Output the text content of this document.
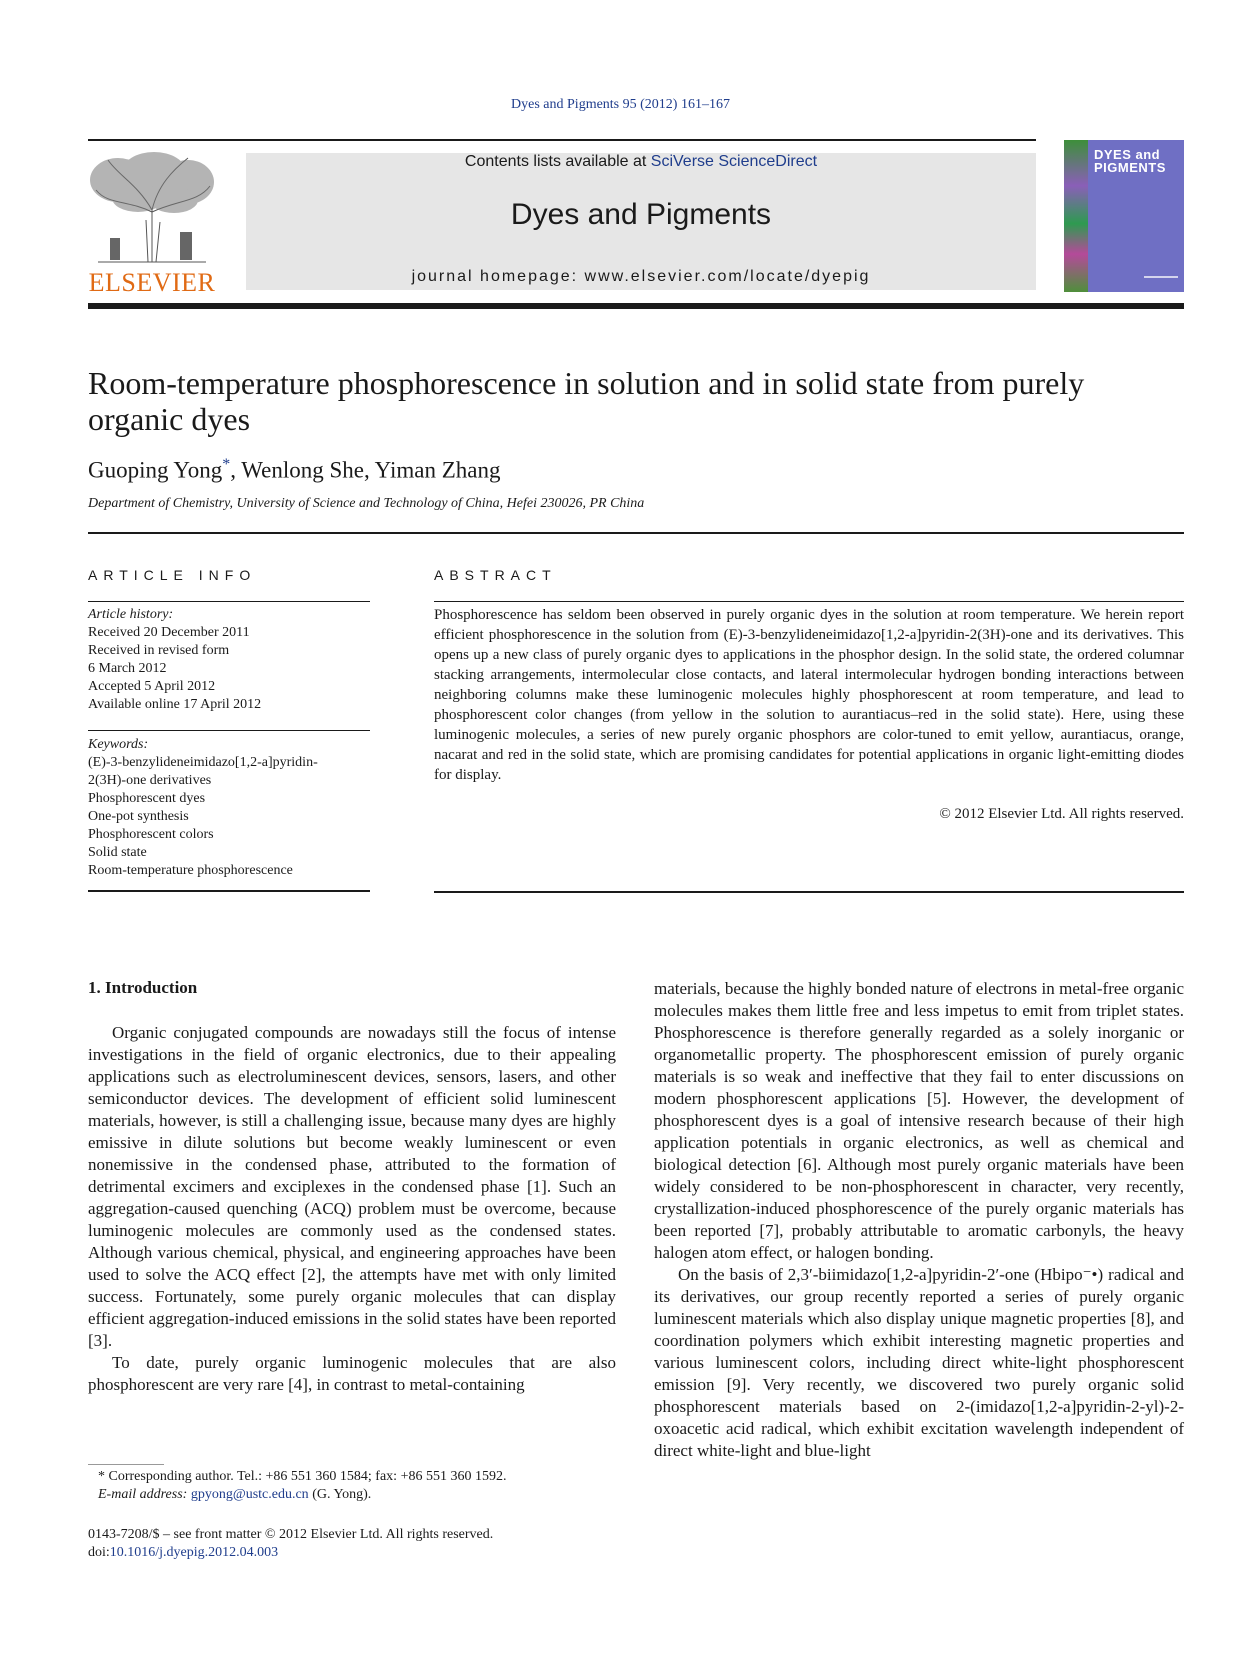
Dyes and Pigments 95 (2012) 161–167
ELSEVIER
Contents lists available at SciVerse ScienceDirect
Dyes and Pigments
journal homepage: www.elsevier.com/locate/dyepig
DYES and PIGMENTS
Room-temperature phosphorescence in solution and in solid state from purely organic dyes
Guoping Yong*, Wenlong She, Yiman Zhang
Department of Chemistry, University of Science and Technology of China, Hefei 230026, PR China
ARTICLE INFO
Article history:
Received 20 December 2011
Received in revised form
6 March 2012
Accepted 5 April 2012
Available online 17 April 2012
Keywords:
(E)-3-benzylideneimidazo[1,2-a]pyridin-
2(3H)-one derivatives
Phosphorescent dyes
One-pot synthesis
Phosphorescent colors
Solid state
Room-temperature phosphorescence
ABSTRACT
Phosphorescence has seldom been observed in purely organic dyes in the solution at room temperature. We herein report efficient phosphorescence in the solution from (E)-3-benzylideneimidazo[1,2-a]pyridin-2(3H)-one and its derivatives. This opens up a new class of purely organic dyes to applications in the phosphor design. In the solid state, the ordered columnar stacking arrangements, intermolecular close contacts, and lateral intermolecular hydrogen bonding interactions between neighboring columns make these luminogenic molecules highly phosphorescent at room temperature, and lead to phosphorescent color changes (from yellow in the solution to aurantiacus–red in the solid state). Here, using these luminogenic molecules, a series of new purely organic phosphors are color-tuned to emit yellow, aurantiacus, orange, nacarat and red in the solid state, which are promising candidates for potential applications in organic light-emitting diodes for display.
© 2012 Elsevier Ltd. All rights reserved.
1. Introduction

Organic conjugated compounds are nowadays still the focus of intense investigations in the field of organic electronics, due to their appealing applications such as electroluminescent devices, sensors, lasers, and other semiconductor devices. The development of efficient solid luminescent materials, however, is still a challenging issue, because many dyes are highly emissive in dilute solutions but become weakly luminescent or even nonemissive in the condensed phase, attributed to the formation of detrimental excimers and exciplexes in the condensed phase [1]. Such an aggregation-caused quenching (ACQ) problem must be overcome, because luminogenic molecules are commonly used as the condensed states. Although various chemical, physical, and engineering approaches have been used to solve the ACQ effect [2], the attempts have met with only limited success. Fortunately, some purely organic molecules that can display efficient aggregation-induced emissions in the solid states have been reported [3].

To date, purely organic luminogenic molecules that are also phosphorescent are very rare [4], in contrast to metal-containing

materials, because the highly bonded nature of electrons in metal-free organic molecules makes them little free and less impetus to emit from triplet states. Phosphorescence is therefore generally regarded as a solely inorganic or organometallic property. The phosphorescent emission of purely organic materials is so weak and ineffective that they fail to enter discussions on modern phosphorescent applications [5]. However, the development of phosphorescent dyes is a goal of intensive research because of their high application potentials in organic electronics, as well as chemical and biological detection [6]. Although most purely organic materials have been widely considered to be non-phosphorescent in character, very recently, crystallization-induced phosphorescence of the purely organic materials has been reported [7], probably attributable to aromatic carbonyls, the heavy halogen atom effect, or halogen bonding.

On the basis of 2,3′-biimidazo[1,2-a]pyridin-2′-one (Hbipo⁻•) radical and its derivatives, our group recently reported a series of purely organic luminescent materials which also display unique magnetic properties [8], and coordination polymers which exhibit interesting magnetic properties and various luminescent colors, including direct white-light phosphorescent emission [9]. Very recently, we discovered two purely organic solid phosphorescent materials based on 2-(imidazo[1,2-a]pyridin-2-yl)-2-oxoacetic acid radical, which exhibit excitation wavelength independent of direct white-light and blue-light

* Corresponding author. Tel.: +86 551 360 1584; fax: +86 551 360 1592.
E-mail address: gpyong@ustc.edu.cn (G. Yong).
0143-7208/$ – see front matter © 2012 Elsevier Ltd. All rights reserved.
doi:10.1016/j.dyepig.2012.04.003
